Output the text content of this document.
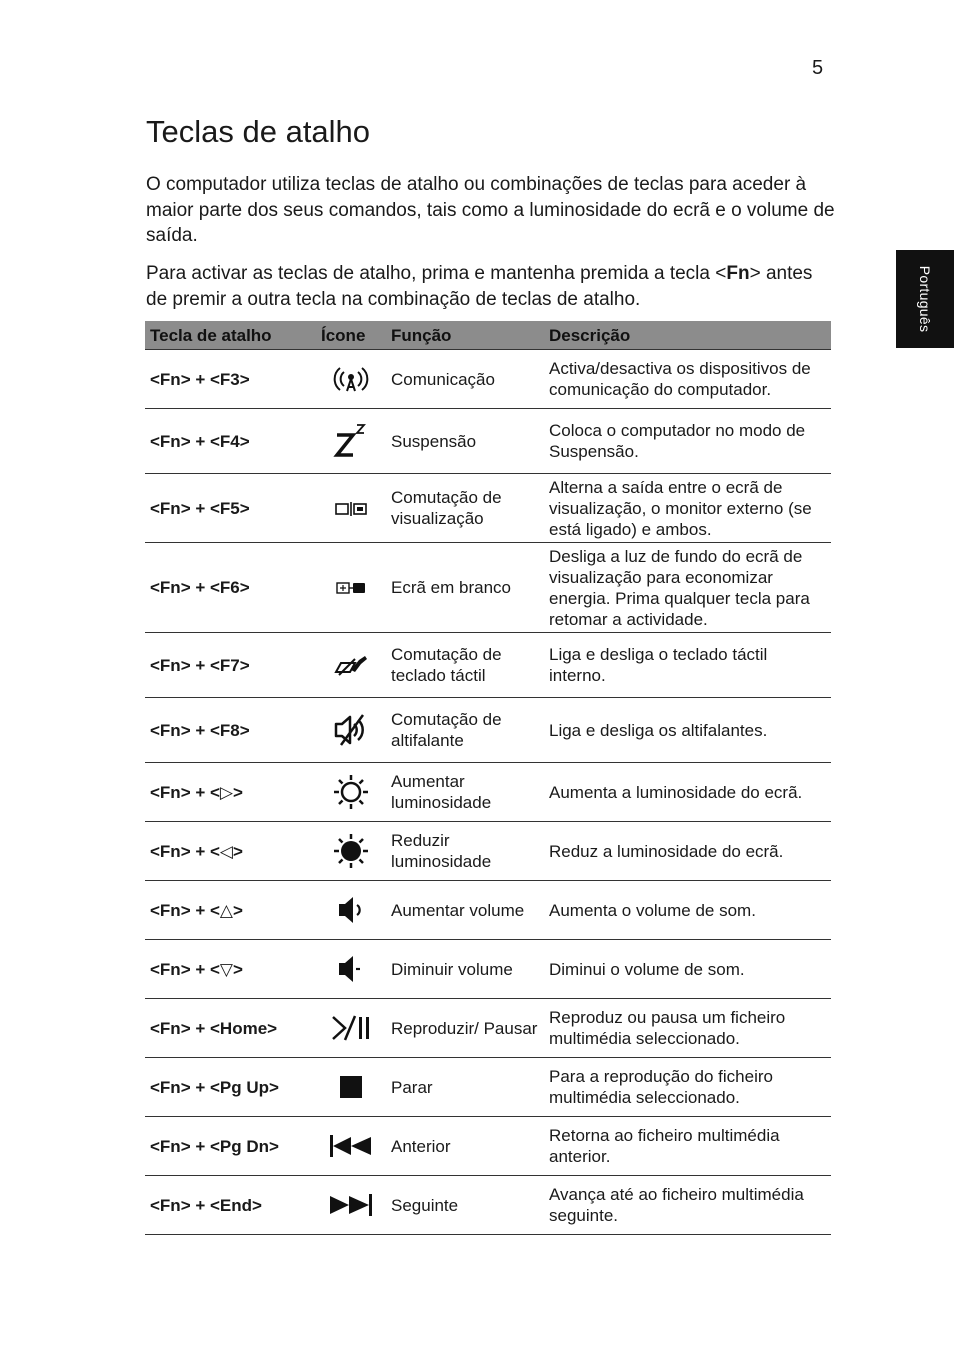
5
Português
Teclas de atalho

O computador utiliza teclas de atalho ou combinações de teclas para aceder à maior parte dos seus comandos, tais como a luminosidade do ecrã e o volume de saída.

Para activar as teclas de atalho, prima e mantenha premida a tecla <Fn> antes de premir a outra tecla na combinação de teclas de atalho.

Tecla de atalho	Ícone	Função	Descrição
<Fn> + <F3>		Comunicação	Activa/desactiva os dispositivos de comunicação do computador.
<Fn> + <F4>		Suspensão	Coloca o computador no modo de Suspensão.
<Fn> + <F5>		Comutação de visualização	Alterna a saída entre o ecrã de visualização, o monitor externo (se está ligado) e ambos.
<Fn> + <F6>		Ecrã em branco	Desliga a luz de fundo do ecrã de visualização para economizar energia. Prima qualquer tecla para retomar a actividade.
<Fn> + <F7>		Comutação de teclado táctil	Liga e desliga o teclado táctil interno.
<Fn> + <F8>		Comutação de altifalante	Liga e desliga os altifalantes.
<Fn> + <▷>		Aumentar luminosidade	Aumenta a luminosidade do ecrã.
<Fn> + <◁>		Reduzir luminosidade	Reduz a luminosidade do ecrã.
<Fn> + <△>		Aumentar volume	Aumenta o volume de som.
<Fn> + <▽>		Diminuir volume	Diminui o volume de som.
<Fn> + <Home>		Reproduzir/ Pausar	Reproduz ou pausa um ficheiro multimédia seleccionado.
<Fn> + <Pg Up>		Parar	Para a reprodução do ficheiro multimédia seleccionado.
<Fn> + <Pg Dn>		Anterior	Retorna ao ficheiro multimédia anterior.
<Fn> + <End>		Seguinte	Avança até ao ficheiro multimédia seguinte.
